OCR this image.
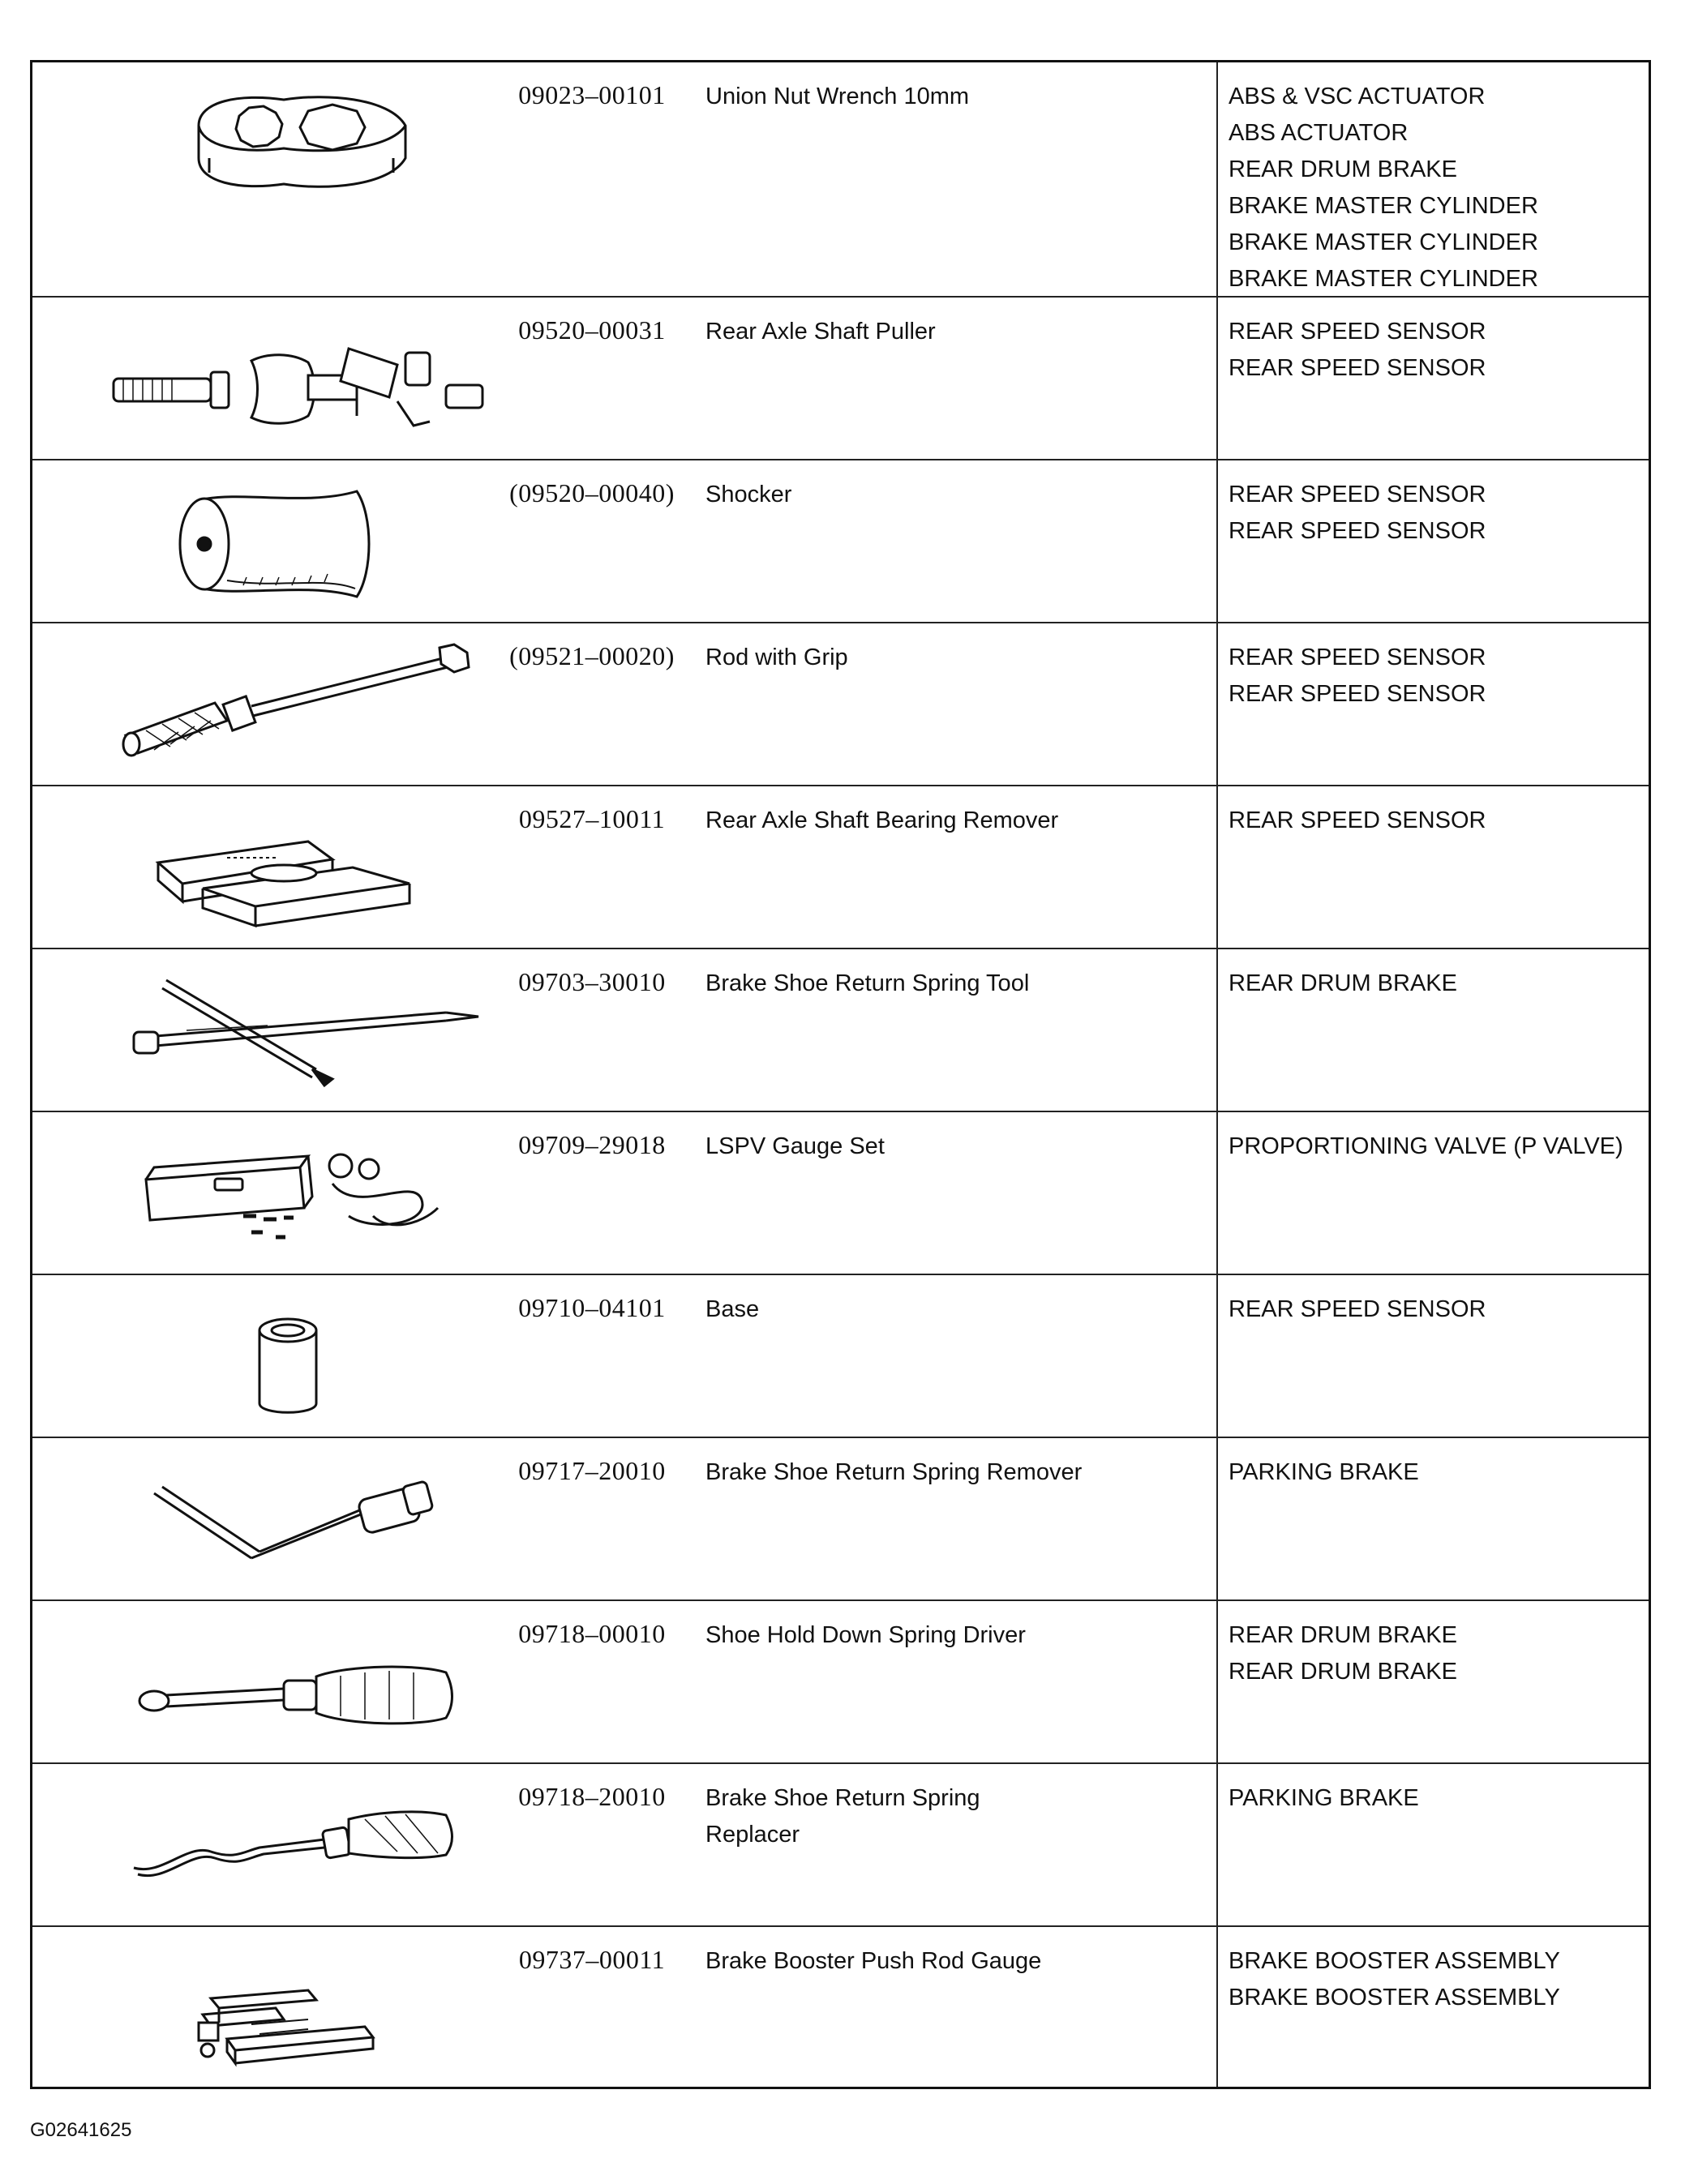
09023–00101	Union Nut Wrench 10mm	ABS & VSC ACTUATOR
ABS ACTUATOR
REAR DRUM BRAKE
BRAKE MASTER CYLINDER
BRAKE MASTER CYLINDER
BRAKE MASTER CYLINDER
09520–00031	Rear Axle Shaft Puller	REAR SPEED SENSOR
REAR SPEED SENSOR
(09520–00040)	Shocker	REAR SPEED SENSOR
REAR SPEED SENSOR
(09521–00020)	Rod with Grip	REAR SPEED SENSOR
REAR SPEED SENSOR
09527–10011	Rear Axle Shaft Bearing Remover	REAR SPEED SENSOR
09703–30010	Brake Shoe Return Spring Tool	REAR DRUM BRAKE
09709–29018	LSPV Gauge Set	PROPORTIONING VALVE (P VALVE)
09710–04101	Base	REAR SPEED SENSOR
09717–20010	Brake Shoe Return Spring Remover	PARKING BRAKE
09718–00010	Shoe Hold Down Spring Driver	REAR DRUM BRAKE
REAR DRUM BRAKE
09718–20010	Brake Shoe Return Spring
Replacer
PARKING BRAKE
09737–00011	Brake Booster Push Rod Gauge	BRAKE BOOSTER ASSEMBLY
BRAKE BOOSTER ASSEMBLY
G02641625
